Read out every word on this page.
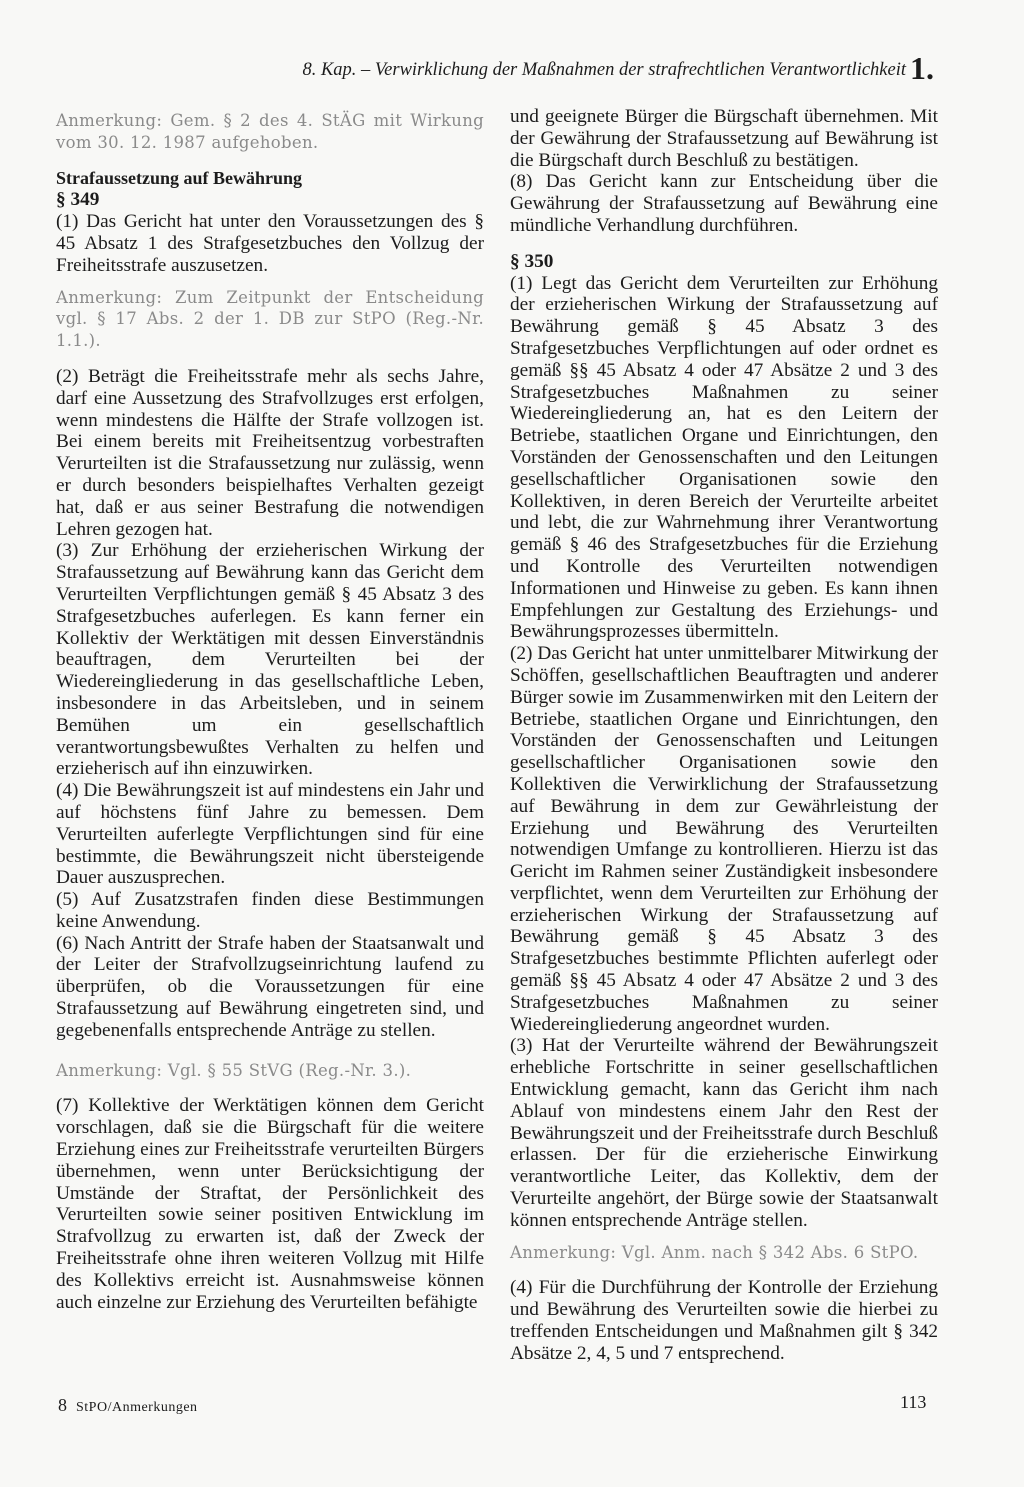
8. Kap. – Verwirklichung der Maßnahmen der strafrechtlichen Verantwortlichkeit 1.

Anmerkung: Gem. § 2 des 4. StÄG mit Wirkung vom 30. 12. 1987 aufgehoben.

Strafaussetzung auf Bewährung

§ 349

(1) Das Gericht hat unter den Voraussetzungen des § 45 Absatz 1 des Strafgesetzbuches den Vollzug der Freiheitsstrafe auszusetzen.

Anmerkung: Zum Zeitpunkt der Entscheidung vgl. § 17 Abs. 2 der 1. DB zur StPO (Reg.-Nr. 1.1.).

(2) Beträgt die Freiheitsstrafe mehr als sechs Jahre, darf eine Aussetzung des Strafvollzuges erst erfolgen, wenn mindestens die Hälfte der Strafe vollzogen ist. Bei einem bereits mit Freiheitsentzug vorbestraften Verurteilten ist die Strafaussetzung nur zulässig, wenn er durch besonders beispielhaftes Verhalten gezeigt hat, daß er aus seiner Bestrafung die notwendigen Lehren gezogen hat.

(3) Zur Erhöhung der erzieherischen Wirkung der Strafaussetzung auf Bewährung kann das Gericht dem Verurteilten Verpflichtungen gemäß § 45 Absatz 3 des Strafgesetzbuches auferlegen. Es kann ferner ein Kollektiv der Werktätigen mit dessen Einverständnis beauftragen, dem Verurteilten bei der Wiedereingliederung in das gesellschaftliche Leben, insbesondere in das Arbeitsleben, und in seinem Bemühen um ein gesellschaftlich verantwortungsbewußtes Verhalten zu helfen und erzieherisch auf ihn einzuwirken.

(4) Die Bewährungszeit ist auf mindestens ein Jahr und auf höchstens fünf Jahre zu bemessen. Dem Verurteilten auferlegte Verpflichtungen sind für eine bestimmte, die Bewährungszeit nicht übersteigende Dauer auszusprechen.

(5) Auf Zusatzstrafen finden diese Bestimmungen keine Anwendung.

(6) Nach Antritt der Strafe haben der Staatsanwalt und der Leiter der Strafvollzugseinrichtung laufend zu überprüfen, ob die Voraussetzungen für eine Strafaussetzung auf Bewährung eingetreten sind, und gegebenenfalls entsprechende Anträge zu stellen.

Anmerkung: Vgl. § 55 StVG (Reg.-Nr. 3.).

(7) Kollektive der Werktätigen können dem Gericht vorschlagen, daß sie die Bürgschaft für die weitere Erziehung eines zur Freiheitsstrafe verurteilten Bürgers übernehmen, wenn unter Berücksichtigung der Umstände der Straftat, der Persönlichkeit des Verurteilten sowie seiner positiven Entwicklung im Strafvollzug zu erwarten ist, daß der Zweck der Freiheitsstrafe ohne ihren weiteren Vollzug mit Hilfe des Kollektivs erreicht ist. Ausnahmsweise können auch einzelne zur Erziehung des Verurteilten befähigte

und geeignete Bürger die Bürgschaft übernehmen. Mit der Gewährung der Strafaussetzung auf Bewährung ist die Bürgschaft durch Beschluß zu bestätigen.

(8) Das Gericht kann zur Entscheidung über die Gewährung der Strafaussetzung auf Bewährung eine mündliche Verhandlung durchführen.

§ 350

(1) Legt das Gericht dem Verurteilten zur Erhöhung der erzieherischen Wirkung der Strafaussetzung auf Bewährung gemäß § 45 Absatz 3 des Strafgesetzbuches Verpflichtungen auf oder ordnet es gemäß §§ 45 Absatz 4 oder 47 Absätze 2 und 3 des Strafgesetzbuches Maßnahmen zu seiner Wiedereingliederung an, hat es den Leitern der Betriebe, staatlichen Organe und Einrichtungen, den Vorständen der Genossenschaften und den Leitungen gesellschaftlicher Organisationen sowie den Kollektiven, in deren Bereich der Verurteilte arbeitet und lebt, die zur Wahrnehmung ihrer Verantwortung gemäß § 46 des Strafgesetzbuches für die Erziehung und Kontrolle des Verurteilten notwendigen Informationen und Hinweise zu geben. Es kann ihnen Empfehlungen zur Gestaltung des Erziehungs- und Bewährungsprozesses übermitteln.

(2) Das Gericht hat unter unmittelbarer Mitwirkung der Schöffen, gesellschaftlichen Beauftragten und anderer Bürger sowie im Zusammenwirken mit den Leitern der Betriebe, staatlichen Organe und Einrichtungen, den Vorständen der Genossenschaften und Leitungen gesellschaftlicher Organisationen sowie den Kollektiven die Verwirklichung der Strafaussetzung auf Bewährung in dem zur Gewährleistung der Erziehung und Bewährung des Verurteilten notwendigen Umfange zu kontrollieren. Hierzu ist das Gericht im Rahmen seiner Zuständigkeit insbesondere verpflichtet, wenn dem Verurteilten zur Erhöhung der erzieherischen Wirkung der Strafaussetzung auf Bewährung gemäß § 45 Absatz 3 des Strafgesetzbuches bestimmte Pflichten auferlegt oder gemäß §§ 45 Absatz 4 oder 47 Absätze 2 und 3 des Strafgesetzbuches Maßnahmen zu seiner Wiedereingliederung angeordnet wurden.

(3) Hat der Verurteilte während der Bewährungszeit erhebliche Fortschritte in seiner gesellschaftlichen Entwicklung gemacht, kann das Gericht ihm nach Ablauf von mindestens einem Jahr den Rest der Bewährungszeit und der Freiheitsstrafe durch Beschluß erlassen. Der für die erzieherische Einwirkung verantwortliche Leiter, das Kollektiv, dem der Verurteilte angehört, der Bürge sowie der Staatsanwalt können entsprechende Anträge stellen.

Anmerkung: Vgl. Anm. nach § 342 Abs. 6 StPO.

(4) Für die Durchführung der Kontrolle der Erziehung und Bewährung des Verurteilten sowie die hierbei zu treffenden Entscheidungen und Maßnahmen gilt § 342 Absätze 2, 4, 5 und 7 entsprechend.

8 StPO/Anmerkungen	113
